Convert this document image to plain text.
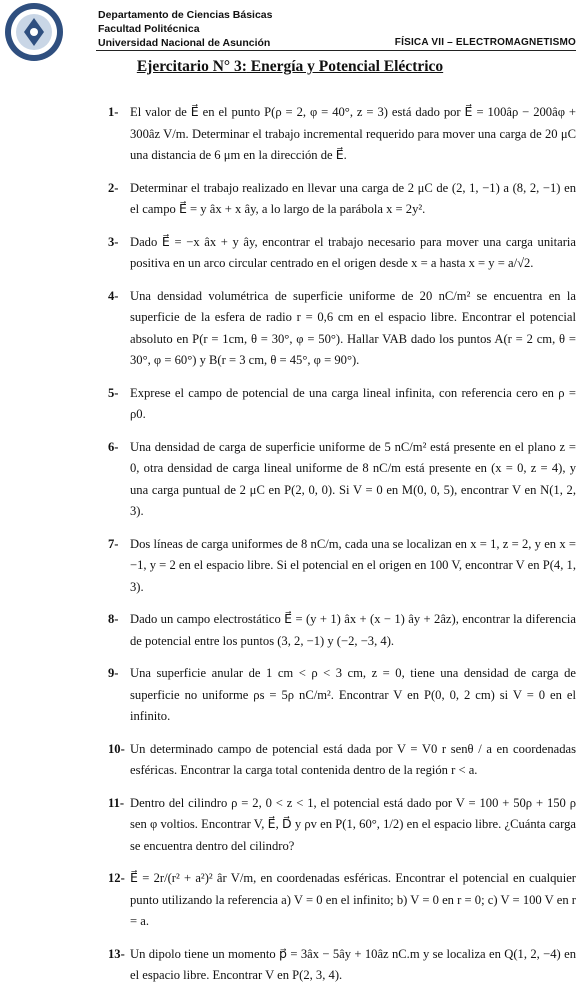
Departamento de Ciencias Básicas
Facultad Politécnica
Universidad Nacional de Asunción	FÍSICA VII – ELECTROMAGNETISMO
Ejercitario N° 3: Energía y Potencial Eléctrico
1- El valor de E⃗ en el punto P(ρ = 2, φ = 40°, z = 3) está dado por E⃗ = 100âρ − 200âφ + 300âz V/m. Determinar el trabajo incremental requerido para mover una carga de 20 μC una distancia de 6 μm en la dirección de E⃗.
2- Determinar el trabajo realizado en llevar una carga de 2 μC de (2, 1, −1) a (8, 2, −1) en el campo E⃗ = y âx + x ây, a lo largo de la parábola x = 2y².
3- Dado E⃗ = −x âx + y ây, encontrar el trabajo necesario para mover una carga unitaria positiva en un arco circular centrado en el origen desde x = a hasta x = y = a/√2.
4- Una densidad volumétrica de superficie uniforme de 20 nC/m² se encuentra en la superficie de la esfera de radio r = 0,6 cm en el espacio libre. Encontrar el potencial absoluto en P(r = 1cm, θ = 30°, φ = 50°). Hallar VAB dado los puntos A(r = 2 cm, θ = 30°, φ = 60°) y B(r = 3 cm, θ = 45°, φ = 90°).
5- Exprese el campo de potencial de una carga lineal infinita, con referencia cero en ρ = ρ0.
6- Una densidad de carga de superficie uniforme de 5 nC/m² está presente en el plano z = 0, otra densidad de carga lineal uniforme de 8 nC/m está presente en (x = 0, z = 4), y una carga puntual de 2 μC en P(2, 0, 0). Si V = 0 en M(0, 0, 5), encontrar V en N(1, 2, 3).
7- Dos líneas de carga uniformes de 8 nC/m, cada una se localizan en x = 1, z = 2, y en x = −1, y = 2 en el espacio libre. Si el potencial en el origen en 100 V, encontrar V en P(4, 1, 3).
8- Dado un campo electrostático E⃗ = (y + 1) âx + (x − 1) ây + 2âz), encontrar la diferencia de potencial entre los puntos (3, 2, −1) y (−2, −3, 4).
9- Una superficie anular de 1 cm < ρ < 3 cm, z = 0, tiene una densidad de carga de superficie no uniforme ρs = 5ρ nC/m². Encontrar V en P(0, 0, 2 cm) si V = 0 en el infinito.
10- Un determinado campo de potencial está dada por V = V0 r senθ / a en coordenadas esféricas. Encontrar la carga total contenida dentro de la región r < a.
11- Dentro del cilindro ρ = 2, 0 < z < 1, el potencial está dado por V = 100 + 50ρ + 150 ρ sen φ voltios. Encontrar V, E⃗, D⃗ y ρv en P(1, 60°, 1/2) en el espacio libre. ¿Cuánta carga se encuentra dentro del cilindro?
12- E⃗ = 2r/(r² + a²)² âr V/m, en coordenadas esféricas. Encontrar el potencial en cualquier punto utilizando la referencia a) V = 0 en el infinito; b) V = 0 en r = 0; c) V = 100 V en r = a.
13- Un dipolo tiene un momento p⃗ = 3âx − 5ây + 10âz nC.m y se localiza en Q(1, 2, −4) en el espacio libre. Encontrar V en P(2, 3, 4).
